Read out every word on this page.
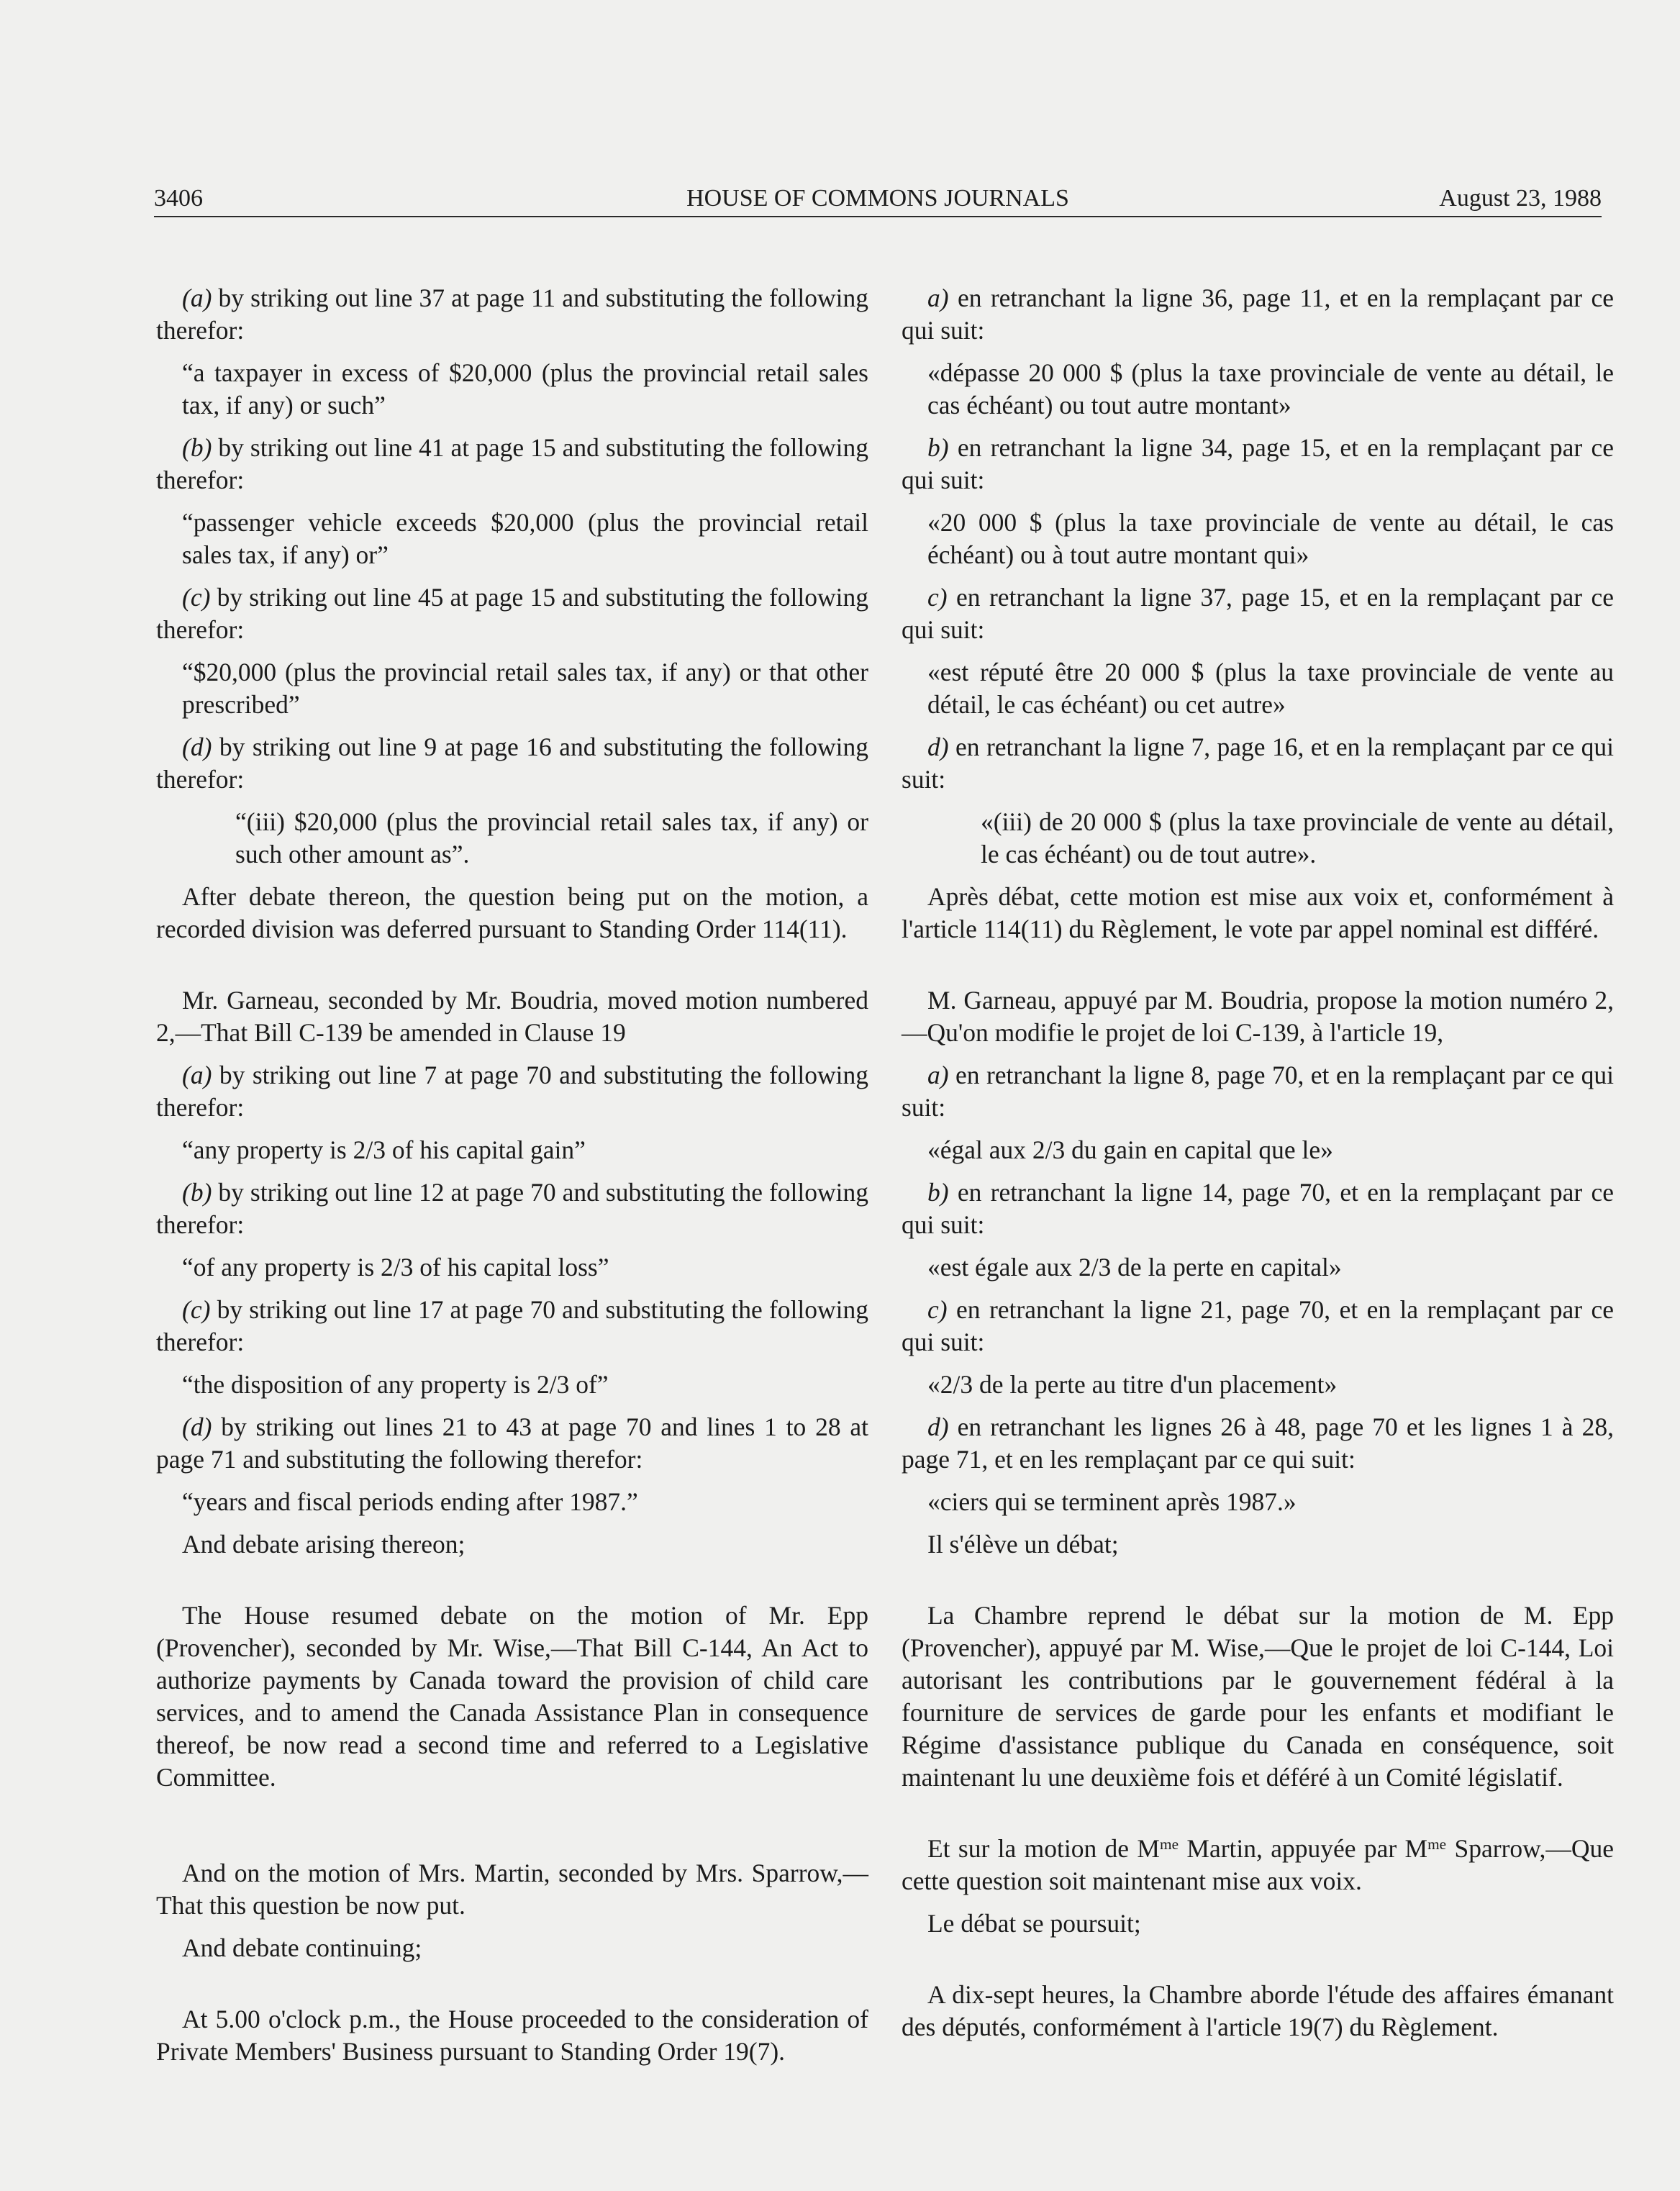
3406	HOUSE OF COMMONS JOURNALS	August 23, 1988

(a) by striking out line 37 at page 11 and substituting the following therefor:

“a taxpayer in excess of $20,000 (plus the provincial retail sales tax, if any) or such”

(b) by striking out line 41 at page 15 and substituting the following therefor:

“passenger vehicle exceeds $20,000 (plus the provincial retail sales tax, if any) or”

(c) by striking out line 45 at page 15 and substituting the following therefor:

“$20,000 (plus the provincial retail sales tax, if any) or that other prescribed”

(d) by striking out line 9 at page 16 and substituting the following therefor:

“(iii) $20,000 (plus the provincial retail sales tax, if any) or such other amount as”.

After debate thereon, the question being put on the motion, a recorded division was deferred pursuant to Standing Order 114(11).

Mr. Garneau, seconded by Mr. Boudria, moved motion numbered 2,—That Bill C-139 be amended in Clause 19

(a) by striking out line 7 at page 70 and substituting the following therefor:

“any property is 2/3 of his capital gain”

(b) by striking out line 12 at page 70 and substituting the following therefor:

“of any property is 2/3 of his capital loss”

(c) by striking out line 17 at page 70 and substituting the following therefor:

“the disposition of any property is 2/3 of”

(d) by striking out lines 21 to 43 at page 70 and lines 1 to 28 at page 71 and substituting the following therefor:

“years and fiscal periods ending after 1987.”

And debate arising thereon;

The House resumed debate on the motion of Mr. Epp (Provencher), seconded by Mr. Wise,—That Bill C-144, An Act to authorize payments by Canada toward the provision of child care services, and to amend the Canada Assistance Plan in consequence thereof, be now read a second time and referred to a Legislative Committee.

And on the motion of Mrs. Martin, seconded by Mrs. Sparrow,—That this question be now put.

And debate continuing;

At 5.00 o'clock p.m., the House proceeded to the consideration of Private Members' Business pursuant to Standing Order 19(7).

a) en retranchant la ligne 36, page 11, et en la remplaçant par ce qui suit:

«dépasse 20 000 $ (plus la taxe provinciale de vente au détail, le cas échéant) ou tout autre montant»

b) en retranchant la ligne 34, page 15, et en la remplaçant par ce qui suit:

«20 000 $ (plus la taxe provinciale de vente au détail, le cas échéant) ou à tout autre montant qui»

c) en retranchant la ligne 37, page 15, et en la remplaçant par ce qui suit:

«est réputé être 20 000 $ (plus la taxe provinciale de vente au détail, le cas échéant) ou cet autre»

d) en retranchant la ligne 7, page 16, et en la remplaçant par ce qui suit:

«(iii) de 20 000 $ (plus la taxe provinciale de vente au détail, le cas échéant) ou de tout autre».

Après débat, cette motion est mise aux voix et, conformément à l'article 114(11) du Règlement, le vote par appel nominal est différé.

M. Garneau, appuyé par M. Boudria, propose la motion numéro 2,—Qu'on modifie le projet de loi C-139, à l'article 19,

a) en retranchant la ligne 8, page 70, et en la remplaçant par ce qui suit:

«égal aux 2/3 du gain en capital que le»

b) en retranchant la ligne 14, page 70, et en la remplaçant par ce qui suit:

«est égale aux 2/3 de la perte en capital»

c) en retranchant la ligne 21, page 70, et en la remplaçant par ce qui suit:

«2/3 de la perte au titre d'un placement»

d) en retranchant les lignes 26 à 48, page 70 et les lignes 1 à 28, page 71, et en les remplaçant par ce qui suit:

«ciers qui se terminent après 1987.»

Il s'élève un débat;

La Chambre reprend le débat sur la motion de M. Epp (Provencher), appuyé par M. Wise,—Que le projet de loi C-144, Loi autorisant les contributions par le gouvernement fédéral à la fourniture de services de garde pour les enfants et modifiant le Régime d'assistance publique du Canada en conséquence, soit maintenant lu une deuxième fois et déféré à un Comité législatif.

Et sur la motion de $M^{me}$ Martin, appuyée par $M^{me}$ Sparrow,—Que cette question soit maintenant mise aux voix.

Le débat se poursuit;

A dix-sept heures, la Chambre aborde l'étude des affaires émanant des députés, conformément à l'article 19(7) du Règlement.
